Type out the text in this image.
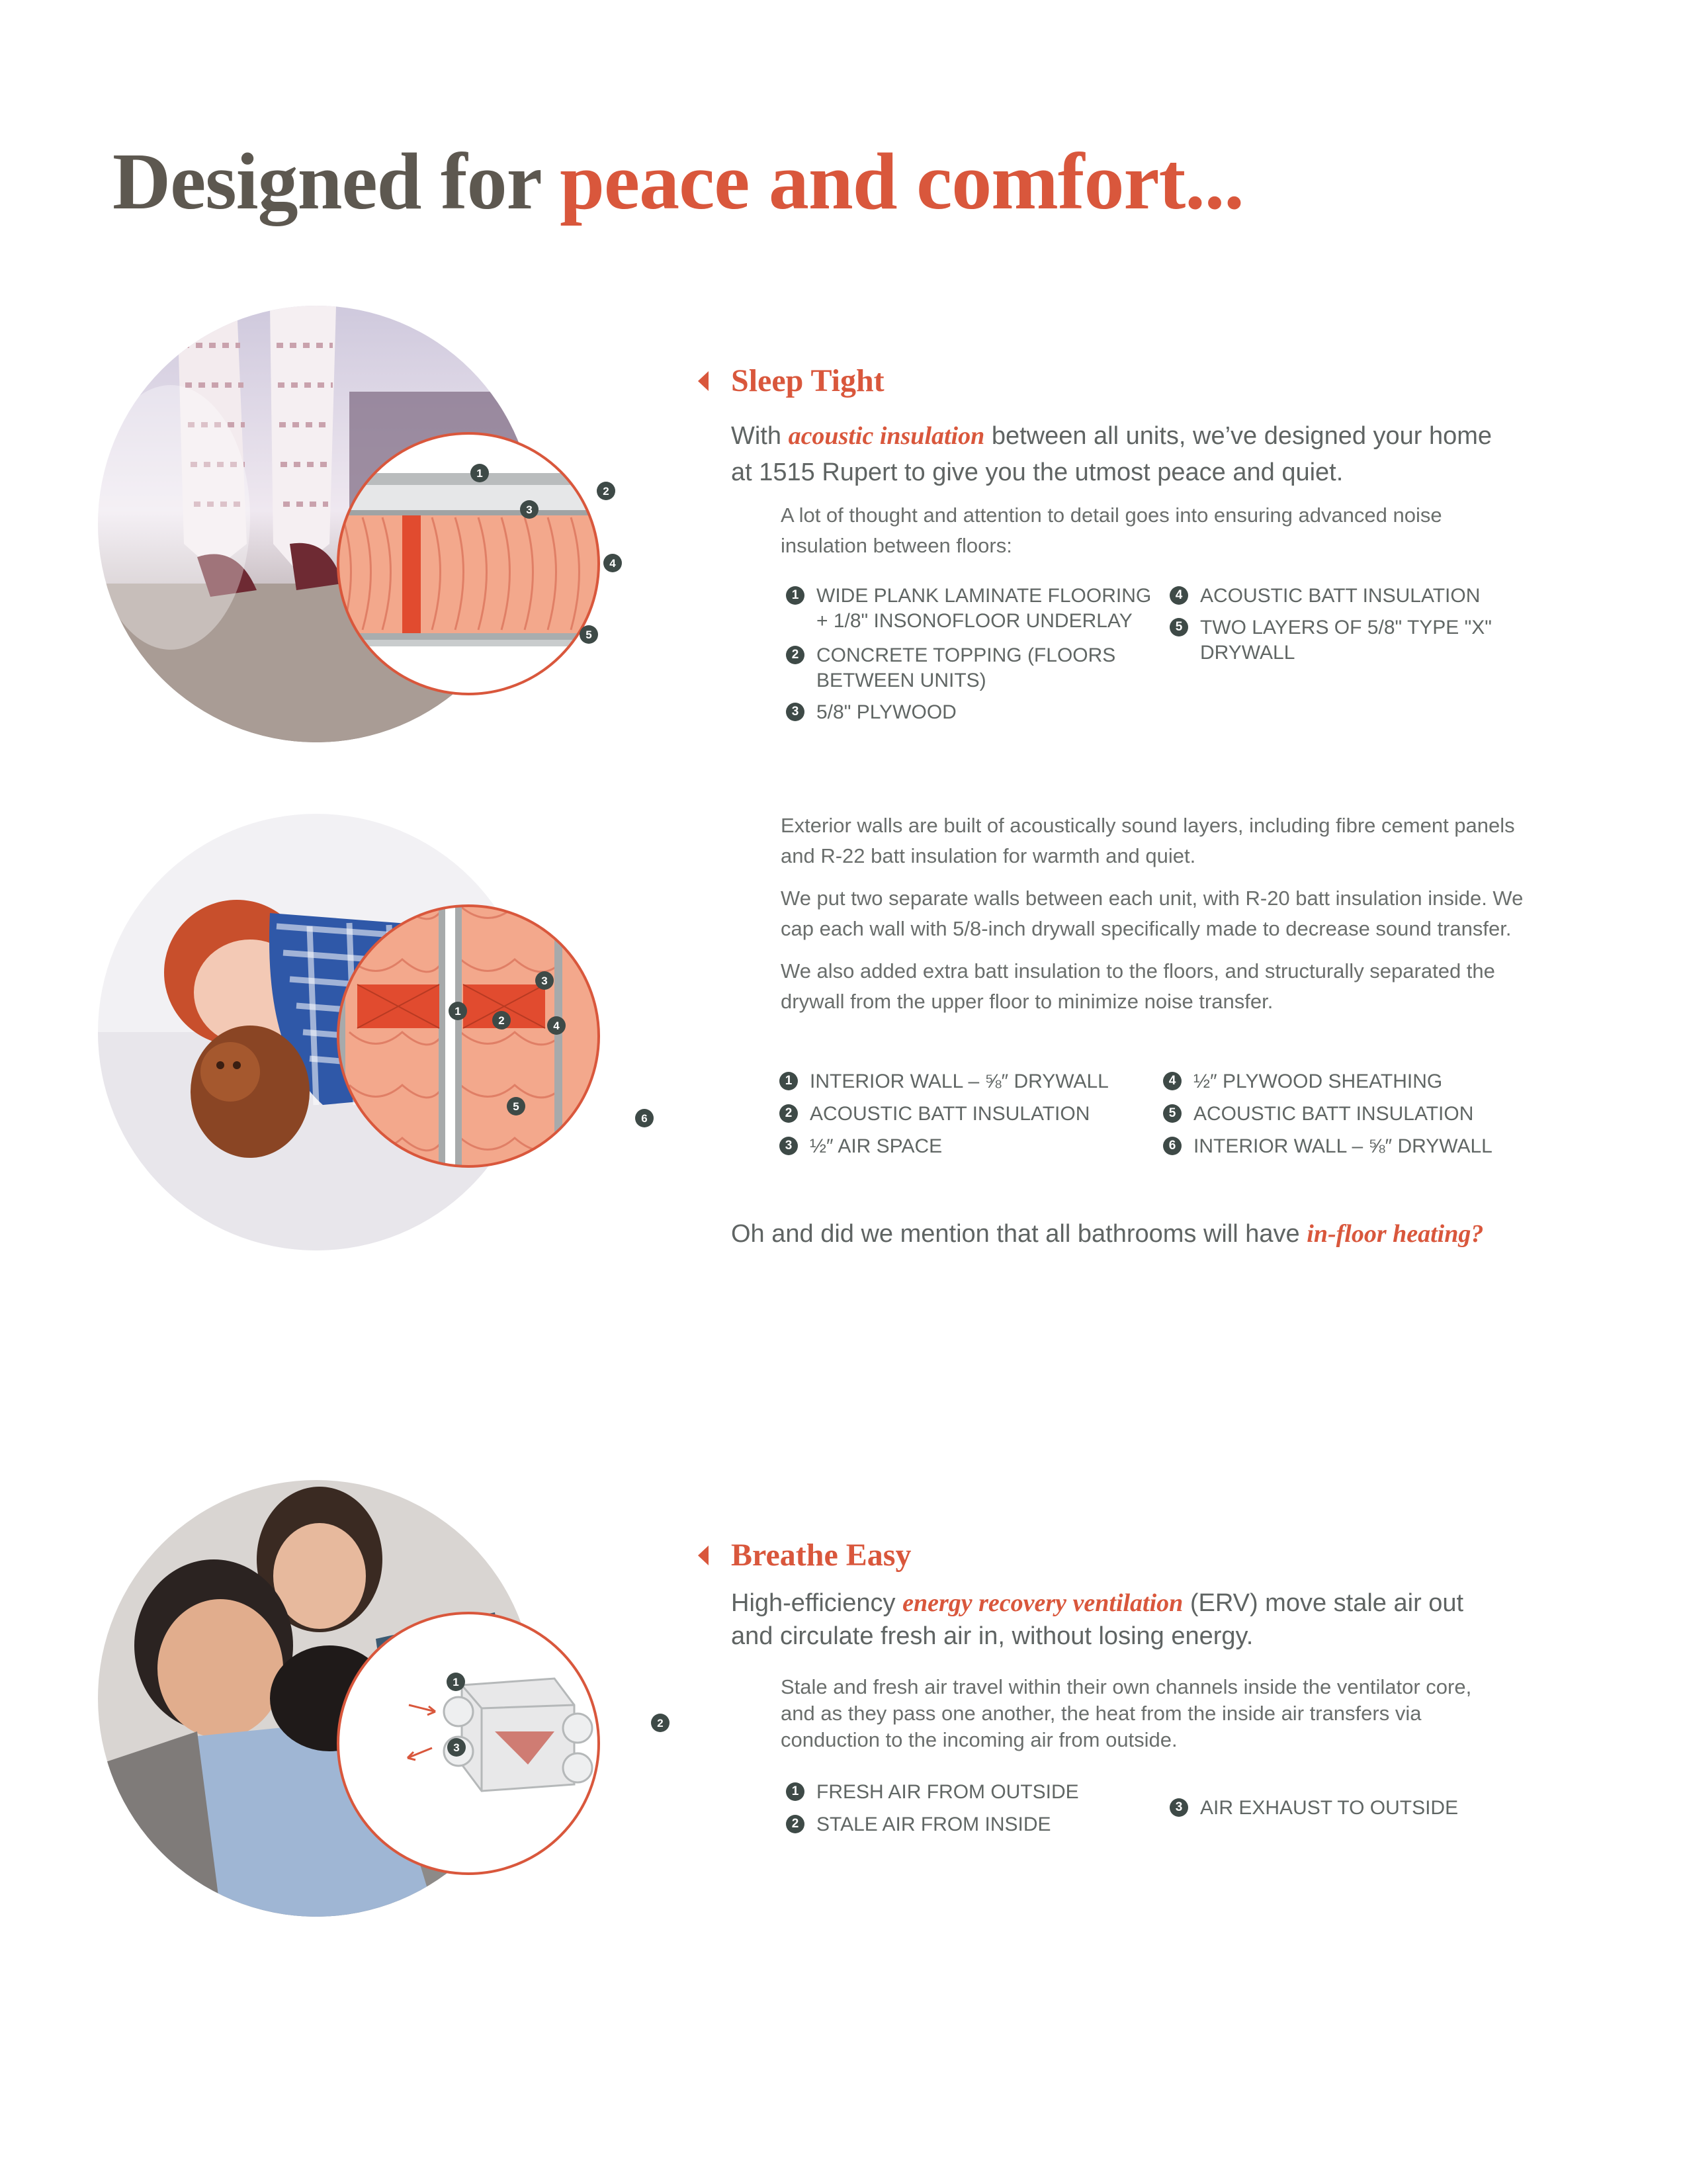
Designed for peace and comfort...
1
2
3
4
5
Sleep Tight
With acoustic insulation between all units, we’ve designed your home at 1515 Rupert to give you the utmost peace and quiet.

A lot of thought and attention to detail goes into ensuring advanced noise insulation between floors:

1 WIDE PLANK LAMINATE FLOORING
+ 1/8" INSONOFLOOR UNDERLAY
2 CONCRETE TOPPING (FLOORS
BETWEEN UNITS)
3 5/8" PLYWOOD
4 ACOUSTIC BATT INSULATION
5 TWO LAYERS OF 5/8" TYPE "X"
DRYWALL
1
2
3
4
5
6

Exterior walls are built of acoustically sound layers, including fibre cement panels and R-22 batt insulation for warmth and quiet.

We put two separate walls between each unit, with R-20 batt insulation inside. We cap each wall with 5/8-inch drywall specifically made to decrease sound transfer.

We also added extra batt insulation to the floors, and structurally separated the drywall from the upper floor to minimize noise transfer.

1 INTERIOR WALL – ⅝″ DRYWALL
2 ACOUSTIC BATT INSULATION
3 ½″ AIR SPACE
4 ½″ PLYWOOD SHEATHING
5 ACOUSTIC BATT INSULATION
6 INTERIOR WALL – ⅝″ DRYWALL
Oh and did we mention that all bathrooms will have in-floor heating?
1
2
3
Breathe Easy
High-efficiency energy recovery ventilation (ERV) move stale air out and circulate fresh air in, without losing energy.

Stale and fresh air travel within their own channels inside the ventilator core, and as they pass one another, the heat from the inside air transfers via conduction to the incoming air from outside.

1 FRESH AIR FROM OUTSIDE
2 STALE AIR FROM INSIDE
3 AIR EXHAUST TO OUTSIDE
